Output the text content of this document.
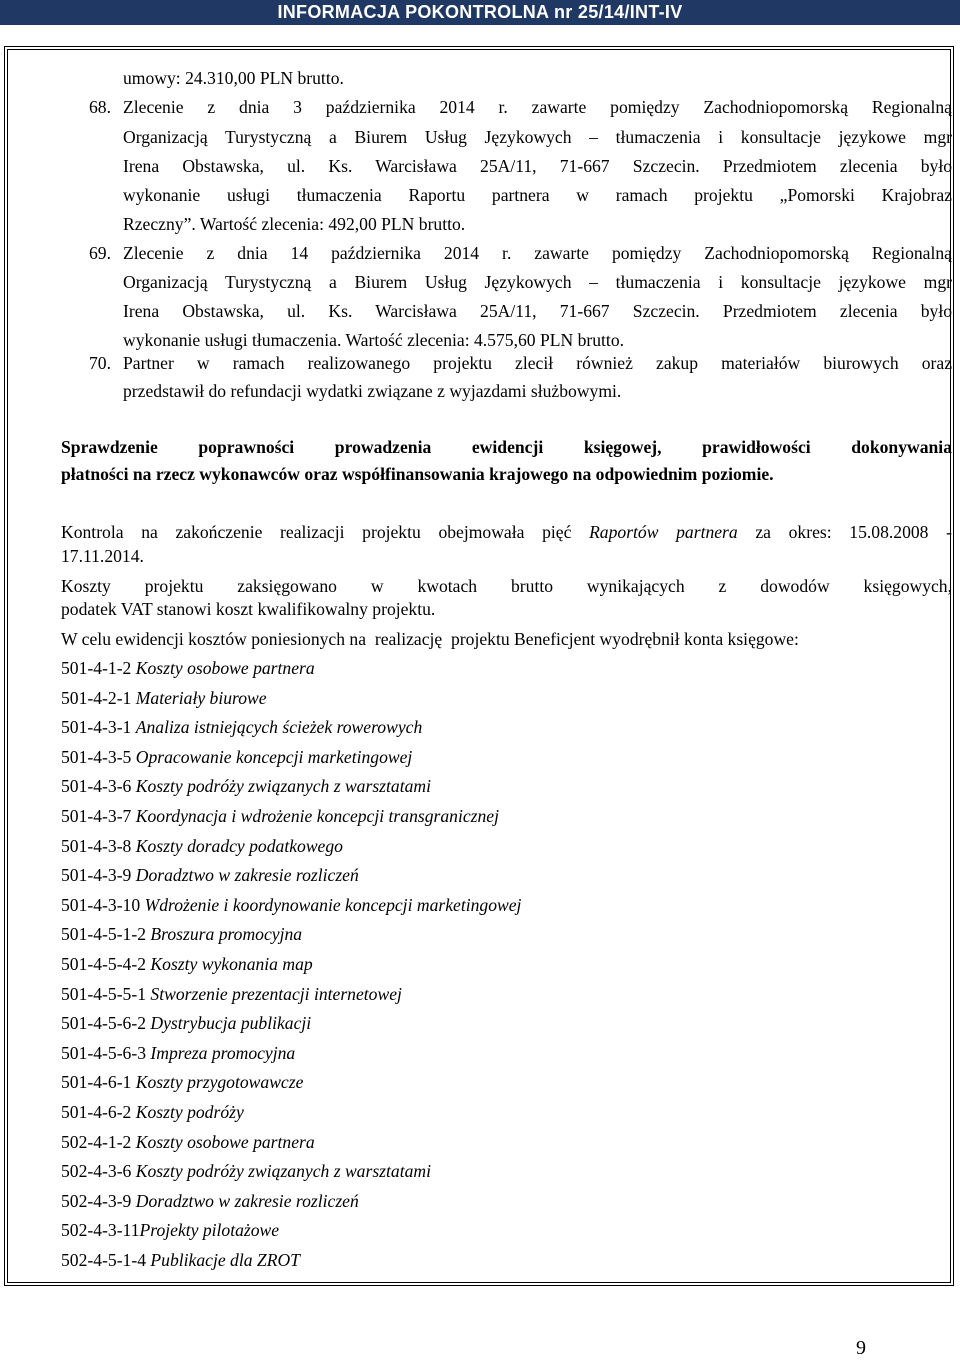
INFORMACJA POKONTROLNA nr 25/14/INT-IV
umowy: 24.310,00 PLN brutto.
68. Zlecenie z dnia 3 października 2014 r. zawarte pomiędzy Zachodniopomorską Regionalną
Organizacją Turystyczną a Biurem Usług Językowych – tłumaczenia i konsultacje językowe mgr
Irena Obstawska, ul. Ks. Warcisława 25A/11, 71-667 Szczecin. Przedmiotem zlecenia było
wykonanie usługi tłumaczenia Raportu partnera w ramach projektu „Pomorski Krajobraz
Rzeczny”. Wartość zlecenia: 492,00 PLN brutto.
69. Zlecenie z dnia 14 października 2014 r. zawarte pomiędzy Zachodniopomorską Regionalną
Organizacją Turystyczną a Biurem Usług Językowych – tłumaczenia i konsultacje językowe mgr
Irena Obstawska, ul. Ks. Warcisława 25A/11, 71-667 Szczecin. Przedmiotem zlecenia było
wykonanie usługi tłumaczenia. Wartość zlecenia: 4.575,60 PLN brutto.
70. Partner w ramach realizowanego projektu zlecił również zakup materiałów biurowych oraz
przedstawił do refundacji wydatki związane z wyjazdami służbowymi.
Sprawdzenie poprawności prowadzenia ewidencji księgowej, prawidłowości dokonywania
płatności na rzecz wykonawców oraz współfinansowania krajowego na odpowiednim poziomie.
Kontrola na zakończenie realizacji projektu obejmowała pięć Raportów partnera za okres: 15.08.2008 -
17.11.2014.
Koszty projektu zaksięgowano w kwotach brutto wynikających z dowodów księgowych,
podatek VAT stanowi koszt kwalifikowalny projektu.
W celu ewidencji kosztów poniesionych na  realizację  projektu Beneficjent wyodrębnił konta księgowe:
501-4-1-2 Koszty osobowe partnera
501-4-2-1 Materiały biurowe
501-4-3-1 Analiza istniejących ścieżek rowerowych
501-4-3-5 Opracowanie koncepcji marketingowej
501-4-3-6 Koszty podróży związanych z warsztatami
501-4-3-7 Koordynacja i wdrożenie koncepcji transgranicznej
501-4-3-8 Koszty doradcy podatkowego
501-4-3-9 Doradztwo w zakresie rozliczeń
501-4-3-10 Wdrożenie i koordynowanie koncepcji marketingowej
501-4-5-1-2 Broszura promocyjna
501-4-5-4-2 Koszty wykonania map
501-4-5-5-1 Stworzenie prezentacji internetowej
501-4-5-6-2 Dystrybucja publikacji
501-4-5-6-3 Impreza promocyjna
501-4-6-1 Koszty przygotowawcze
501-4-6-2 Koszty podróży
502-4-1-2 Koszty osobowe partnera
502-4-3-6 Koszty podróży związanych z warsztatami
502-4-3-9 Doradztwo w zakresie rozliczeń
502-4-3-11Projekty pilotażowe
502-4-5-1-4 Publikacje dla ZROT
9
